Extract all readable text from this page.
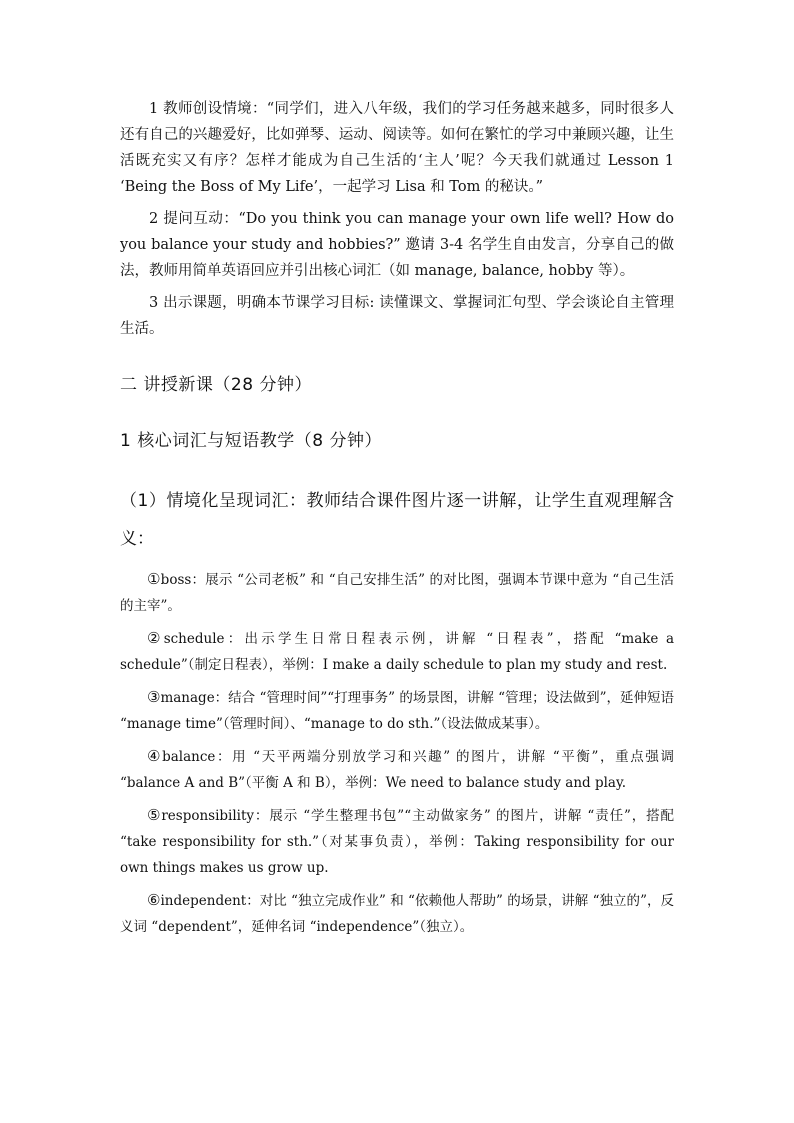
1 教师创设情境：“同学们，进入八年级，我们的学习任务越来越多，同时很多人还有自己的兴趣爱好，比如弹琴、运动、阅读等。如何在繁忙的学习中兼顾兴趣，让生活既充实又有序？怎样才能成为自己生活的‘主人’呢？今天我们就通过 Lesson 1 ‘Being the Boss of My Life’，一起学习 Lisa 和 Tom 的秘诀。”

2 提问互动：“Do you think you can manage your own life well? How do you balance your study and hobbies?” 邀请 3-4 名学生自由发言，分享自己的做法，教师用简单英语回应并引出核心词汇（如 manage, balance, hobby 等）。

3 出示课题，明确本节课学习目标: 读懂课文、掌握词汇句型、学会谈论自主管理生活。

二 讲授新课（28 分钟）
1 核心词汇与短语教学（8 分钟）
（1）情境化呈现词汇：教师结合课件图片逐一讲解，让学生直观理解含义：

①boss：展示 “公司老板” 和 “自己安排生活” 的对比图，强调本节课中意为 “自己生活的主宰”。

②schedule：出示学生日常日程表示例，讲解 “日程表”，搭配 “make a schedule”（制定日程表），举例：I make a daily schedule to plan my study and rest.

③manage：结合 “管理时间”“打理事务” 的场景图，讲解 “管理；设法做到”，延伸短语 “manage time”（管理时间）、“manage to do sth.”（设法做成某事）。

④balance：用 “天平两端分别放学习和兴趣” 的图片，讲解 “平衡”，重点强调 “balance A and B”（平衡 A 和 B），举例：We need to balance study and play.

⑤responsibility：展示 “学生整理书包”“主动做家务” 的图片，讲解 “责任”，搭配 “take responsibility for sth.”（对某事负责），举例：Taking responsibility for our own things makes us grow up.

⑥independent：对比 “独立完成作业” 和 “依赖他人帮助” 的场景，讲解 “独立的”，反义词 “dependent”，延伸名词 “independence”（独立）。
